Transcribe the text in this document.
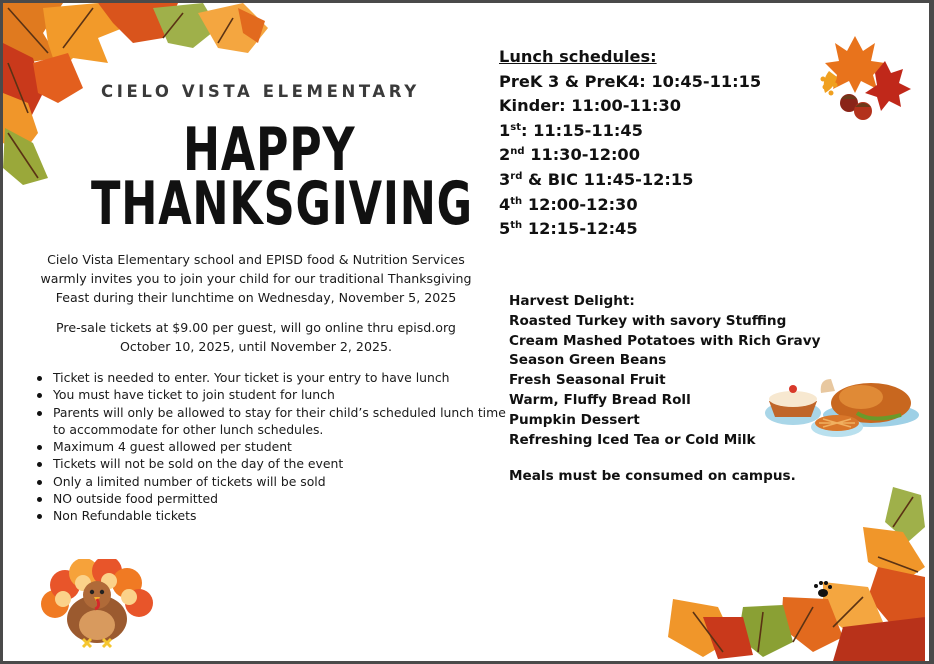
CIELO VISTA ELEMENTARY
HAPPY
THANKSGIVING
Cielo Vista Elementary school and EPISD food & Nutrition Services
warmly invites you to join your child for our traditional Thanksgiving
Feast during their lunchtime on Wednesday, November 5, 2025
Pre-sale tickets at $9.00 per guest, will go online thru episd.org
October 10, 2025, until November 2, 2025.
Ticket is needed to enter. Your ticket is your entry to have lunch
You must have ticket to join student for lunch
Parents will only be allowed to stay for their child’s scheduled lunch time to accommodate for other lunch schedules.
Maximum 4 guest allowed per student
Tickets will not be sold on the day of the event
Only a limited number of tickets will be sold
NO outside food permitted
Non Refundable tickets
Lunch schedules:
PreK 3 & PreK4: 10:45-11:15
Kinder: 11:00-11:30
1st: 11:15-11:45
2nd 11:30-12:00
3rd & BIC 11:45-12:15
4th 12:00-12:30
5th 12:15-12:45
Harvest Delight:
Roasted Turkey with savory Stuffing
Cream Mashed Potatoes with Rich Gravy
Season Green Beans
Fresh Seasonal Fruit
Warm, Fluffy Bread Roll
Pumpkin Dessert
Refreshing Iced Tea or Cold Milk
Meals must be consumed on campus.
